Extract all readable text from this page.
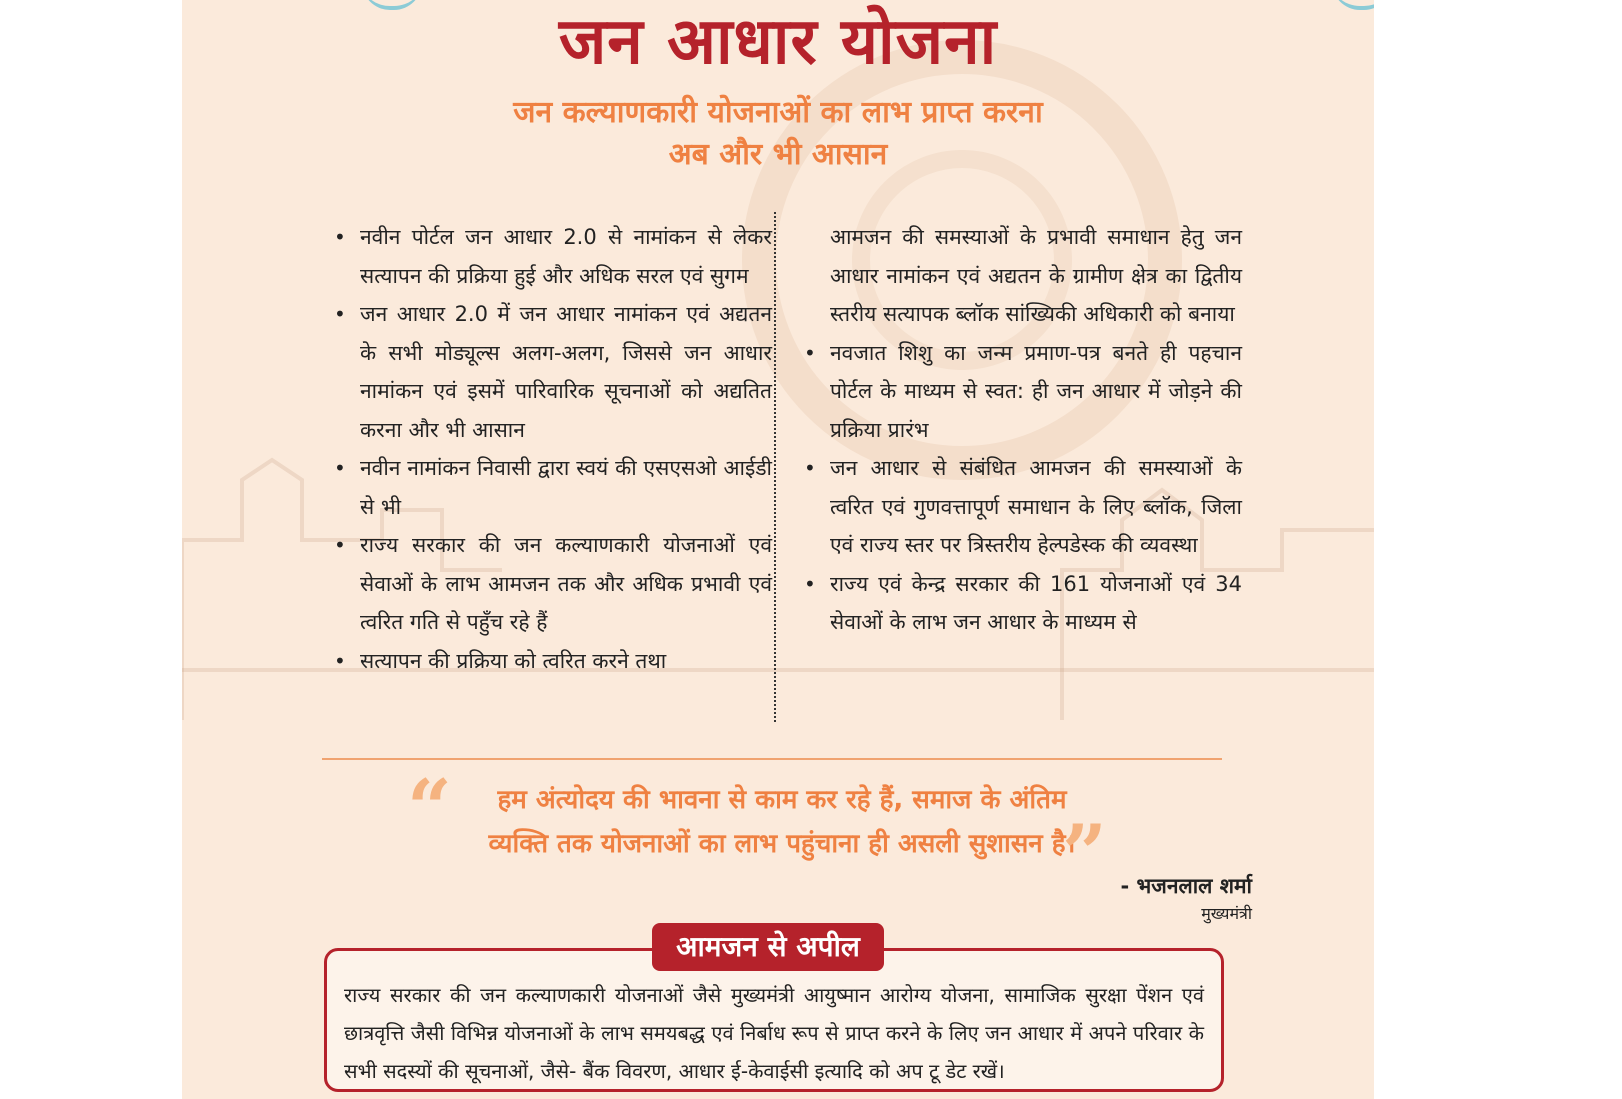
जन आधार योजना
जन कल्याणकारी योजनाओं का लाभ प्राप्त करना
अब और भी आसान
• नवीन पोर्टल जन आधार 2.0 से नामांकन से लेकर सत्यापन की प्रक्रिया हुई और अधिक सरल एवं सुगम
• जन आधार 2.0 में जन आधार नामांकन एवं अद्यतन के सभी मोड्यूल्स अलग-अलग, जिससे जन आधार नामांकन एवं इसमें पारिवारिक सूचनाओं को अद्यतित करना और भी आसान
• नवीन नामांकन निवासी द्वारा स्वयं की एसएसओ आईडी से भी
• राज्य सरकार की जन कल्याणकारी योजनाओं एवं सेवाओं के लाभ आमजन तक और अधिक प्रभावी एवं त्वरित गति से पहुँच रहे हैं
• सत्यापन की प्रक्रिया को त्वरित करने तथा
आमजन की समस्याओं के प्रभावी समाधान हेतु जन आधार नामांकन एवं अद्यतन के ग्रामीण क्षेत्र का द्वितीय स्तरीय सत्यापक ब्लॉक सांख्यिकी अधिकारी को बनाया
• नवजात शिशु का जन्म प्रमाण-पत्र बनते ही पहचान पोर्टल के माध्यम से स्वत: ही जन आधार में जोड़ने की प्रक्रिया प्रारंभ
• जन आधार से संबंधित आमजन की समस्याओं के त्वरित एवं गुणवत्तापूर्ण समाधान के लिए ब्लॉक, जिला एवं राज्य स्तर पर त्रिस्तरीय हेल्पडेस्क की व्यवस्था
• राज्य एवं केन्द्र सरकार की 161 योजनाओं एवं 34 सेवाओं के लाभ जन आधार के माध्यम से
“	हम अंत्योदय की भावना से काम कर रहे हैं, समाज के अंतिम
व्यक्ति तक योजनाओं का लाभ पहुंचाना ही असली सुशासन है।
” - भजनलाल शर्मा
मुख्यमंत्री
आमजन से अपील
राज्य सरकार की जन कल्याणकारी योजनाओं जैसे मुख्यमंत्री आयुष्मान आरोग्य योजना, सामाजिक सुरक्षा पेंशन एवं छात्रवृत्ति जैसी विभिन्न योजनाओं के लाभ समयबद्ध एवं निर्बाध रूप से प्राप्त करने के लिए जन आधार में अपने परिवार के सभी सदस्यों की सूचनाओं, जैसे- बैंक विवरण, आधार ई-केवाईसी इत्यादि को अप टू डेट रखें।
